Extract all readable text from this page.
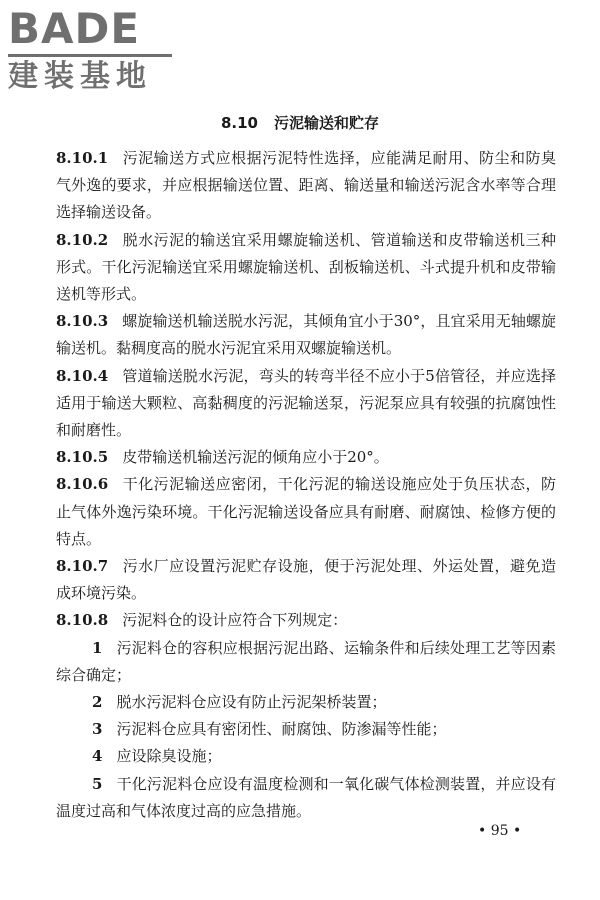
BADE
建装基地
8.10 污泥输送和贮存

8.10.1 污泥输送方式应根据污泥特性选择，应能满足耐用、防尘和防臭气外逸的要求，并应根据输送位置、距离、输送量和输送污泥含水率等合理选择输送设备。

8.10.2 脱水污泥的输送宜采用螺旋输送机、管道输送和皮带输送机三种形式。干化污泥输送宜采用螺旋输送机、刮板输送机、斗式提升机和皮带输送机等形式。

8.10.3 螺旋输送机输送脱水污泥，其倾角宜小于30°，且宜采用无轴螺旋输送机。黏稠度高的脱水污泥宜采用双螺旋输送机。

8.10.4 管道输送脱水污泥，弯头的转弯半径不应小于5倍管径，并应选择适用于输送大颗粒、高黏稠度的污泥输送泵，污泥泵应具有较强的抗腐蚀性和耐磨性。

8.10.5 皮带输送机输送污泥的倾角应小于20°。

8.10.6 干化污泥输送应密闭，干化污泥的输送设施应处于负压状态，防止气体外逸污染环境。干化污泥输送设备应具有耐磨、耐腐蚀、检修方便的特点。

8.10.7 污水厂应设置污泥贮存设施，便于污泥处理、外运处置，避免造成环境污染。

8.10.8 污泥料仓的设计应符合下列规定：

1 污泥料仓的容积应根据污泥出路、运输条件和后续处理工艺等因素综合确定；

2 脱水污泥料仓应设有防止污泥架桥装置；

3 污泥料仓应具有密闭性、耐腐蚀、防渗漏等性能；

4 应设除臭设施；

5 干化污泥料仓应设有温度检测和一氧化碳气体检测装置，并应设有温度过高和气体浓度过高的应急措施。

• 95 •
